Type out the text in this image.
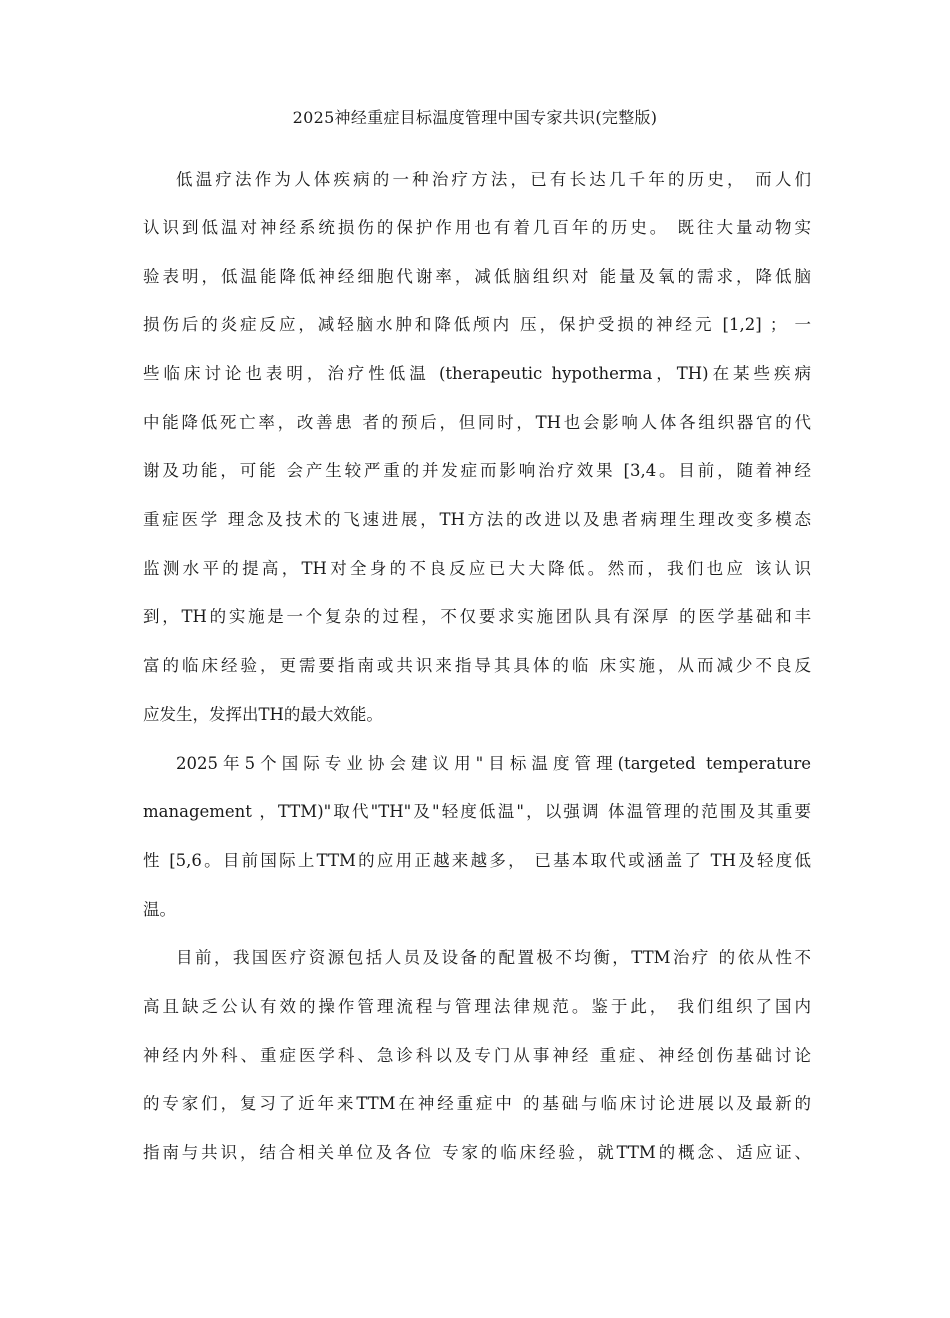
2025神经重症目标温度管理中国专家共识(完整版)
低温疗法作为人体疾病的一种治疗方法，已有长达几千年的历史， 而人们
认识到低温对神经系统损伤的保护作用也有着几百年的历史。 既往大量动物实
验表明，低温能降低神经细胞代谢率，减低脑组织对 能量及氧的需求，降低脑
损伤后的炎症反应，减轻脑水肿和降低颅内 压，保护受损的神经元 [1,2] ； 一
些临床讨论也表明，治疗性低温 (therapeutic hypotherma，TH)在某些疾病
中能降低死亡率，改善患 者的预后，但同时，TH也会影响人体各组织器官的代
谢及功能，可能 会产生较严重的并发症而影响治疗效果 [3,4。目前，随着神经
重症医学 理念及技术的飞速进展，TH方法的改进以及患者病理生理改变多模态
监测水平的提高，TH对全身的不良反应已大大降低。然而，我们也应 该认识
到，TH的实施是一个复杂的过程，不仅要求实施团队具有深厚 的医学基础和丰
富的临床经验，更需要指南或共识来指导其具体的临 床实施，从而减少不良反
应发生，发挥出TH的最大效能。
2025年5个国际专业协会建议用"目标温度管理(targeted temperature
management ，TTM)"取代"TH"及"轻度低温"，以强调 体温管理的范围及其重要
性 [5,6。目前国际上TTM的应用正越来越多， 已基本取代或涵盖了 TH及轻度低
温。
目前，我国医疗资源包括人员及设备的配置极不均衡，TTM治疗 的依从性不
高且缺乏公认有效的操作管理流程与管理法律规范。鉴于此， 我们组织了国内
神经内外科、重症医学科、急诊科以及专门从事神经 重症、神经创伤基础讨论
的专家们，复习了近年来TTM在神经重症中 的基础与临床讨论进展以及最新的
指南与共识，结合相关单位及各位 专家的临床经验，就TTM的概念、适应证、
